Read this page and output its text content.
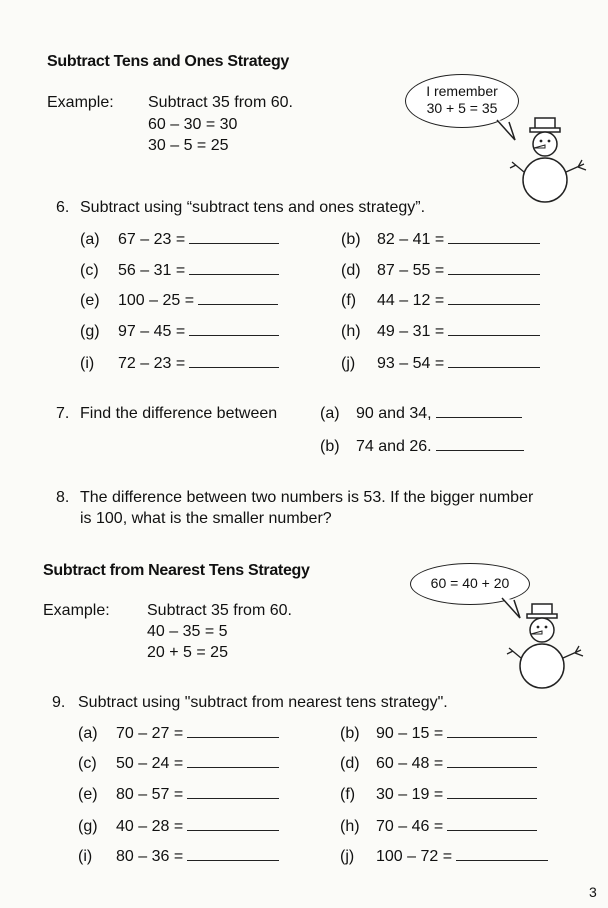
Subtract Tens and Ones Strategy
Example: Subtract 35 from 60.
60 – 30 = 30
30 – 5 = 25
I remember
30 + 5 = 35
6. Subtract using “subtract tens and ones strategy”.
(a) 67 – 23 =
(c) 56 – 31 =
(e) 100 – 25 =
(g) 97 – 45 =
(i) 72 – 23 =
(b) 82 – 41 =
(d) 87 – 55 =
(f) 44 – 12 =
(h) 49 – 31 =
(j) 93 – 54 =
7. Find the difference between	(a) 90 and 34,
(b) 74 and 26.
8. The difference between two numbers is 53. If the bigger number
is 100, what is the smaller number?
Subtract from Nearest Tens Strategy
Example: Subtract 35 from 60.
40 – 35 = 5
20 + 5 = 25
60 = 40 + 20
9. Subtract using "subtract from nearest tens strategy".
(a) 70 – 27 =
(c) 50 – 24 =
(e) 80 – 57 =
(g) 40 – 28 =
(i) 80 – 36 =
(b) 90 – 15 =
(d) 60 – 48 =
(f) 30 – 19 =
(h) 70 – 46 =
(j) 100 – 72 =
3
